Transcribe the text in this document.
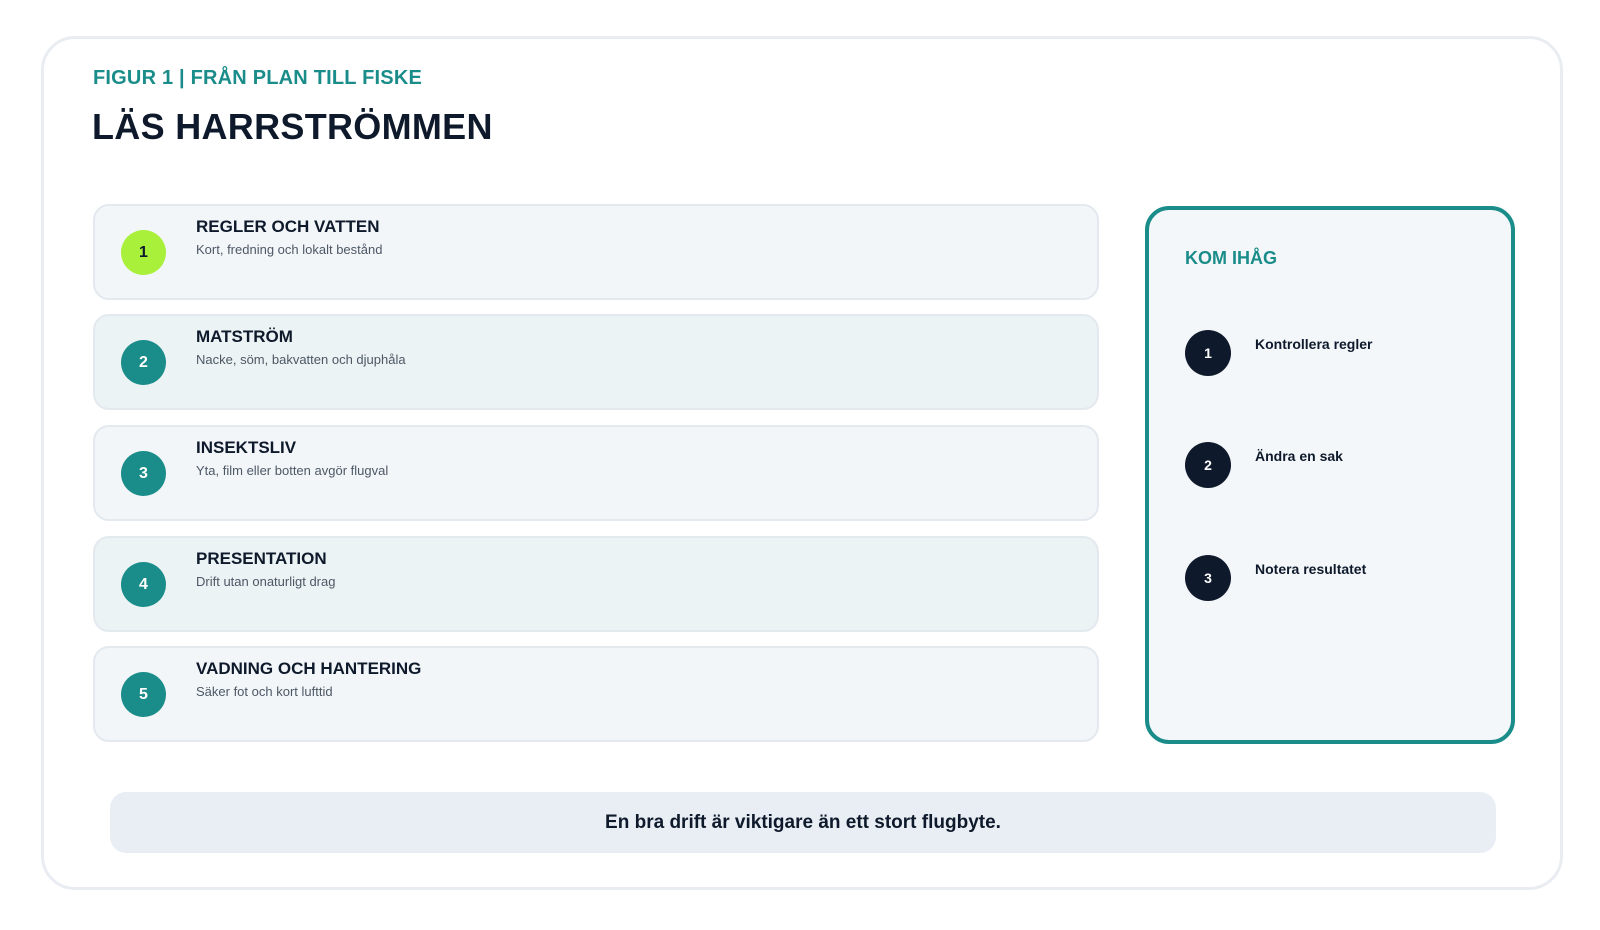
FIGUR 1 | FRÅN PLAN TILL FISKE
LÄS HARRSTRÖMMEN
1
REGLER OCH VATTEN
Kort, fredning och lokalt bestånd
2
MATSTRÖM
Nacke, söm, bakvatten och djuphåla
3
INSEKTSLIV
Yta, film eller botten avgör flugval
4
PRESENTATION
Drift utan onaturligt drag
5
VADNING OCH HANTERING
Säker fot och kort lufttid
KOM IHÅG
1
Kontrollera regler
2
Ändra en sak
3
Notera resultatet
En bra drift är viktigare än ett stort flugbyte.
